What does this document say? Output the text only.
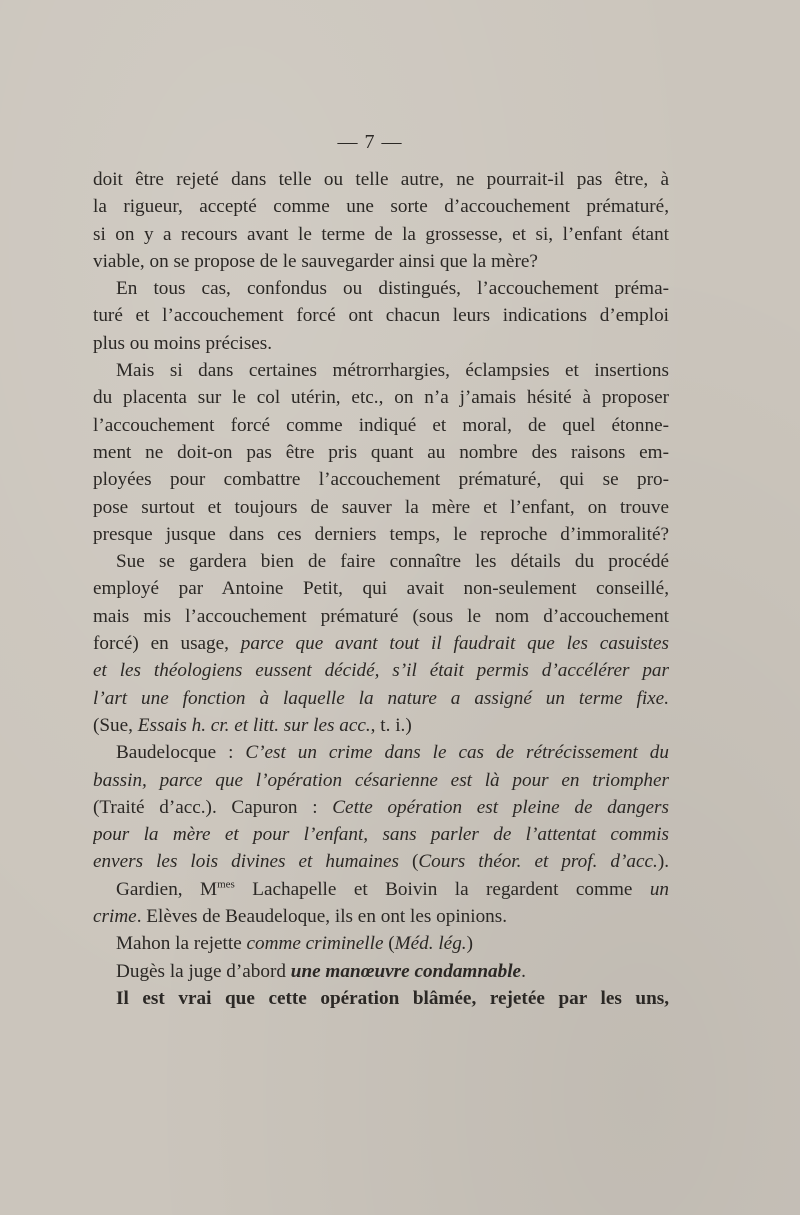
— 7 —
doit être rejeté dans telle ou telle autre, ne pourrait-il pas être, à
la rigueur, accepté comme une sorte d’accouchement prématuré,
si on y a recours avant le terme de la grossesse, et si, l’enfant étant
viable, on se propose de le sauvegarder ainsi que la mère?
En tous cas, confondus ou distingués, l’accouchement préma-
turé et l’accouchement forcé ont chacun leurs indications d’emploi
plus ou moins précises.
Mais si dans certaines métrorrhargies, éclampsies et insertions
du placenta sur le col utérin, etc., on n’a j’amais hésité à proposer
l’accouchement forcé comme indiqué et moral, de quel étonne-
ment ne doit-on pas être pris quant au nombre des raisons em-
ployées pour combattre l’accouchement prématuré, qui se pro-
pose surtout et toujours de sauver la mère et l’enfant, on trouve
presque jusque dans ces derniers temps, le reproche d’immoralité?
Sue se gardera bien de faire connaître les détails du procédé
employé par Antoine Petit, qui avait non-seulement conseillé,
mais mis l’accouchement prématuré (sous le nom d’accouchement
forcé) en usage, parce que avant tout il faudrait que les casuistes
et les théologiens eussent décidé, s’il était permis d’accélérer par
l’art une fonction à laquelle la nature a assigné un terme fixe.
(Sue, Essais h. cr. et litt. sur les acc., t. i.)
Baudelocque : C’est un crime dans le cas de rétrécissement du
bassin, parce que l’opération césarienne est là pour en triompher
(Traité d’acc.). Capuron : Cette opération est pleine de dangers
pour la mère et pour l’enfant, sans parler de l’attentat commis
envers les lois divines et humaines (Cours théor. et prof. d’acc.).
Gardien, $M^{mes}$ Lachapelle et Boivin la regardent comme un
crime. Elèves de Beaudeloque, ils en ont les opinions.
Mahon la rejette comme criminelle (Méd. lég.)
Dugès la juge d’abord une manœuvre condamnable.
Il est vrai que cette opération blâmée, rejetée par les uns,
